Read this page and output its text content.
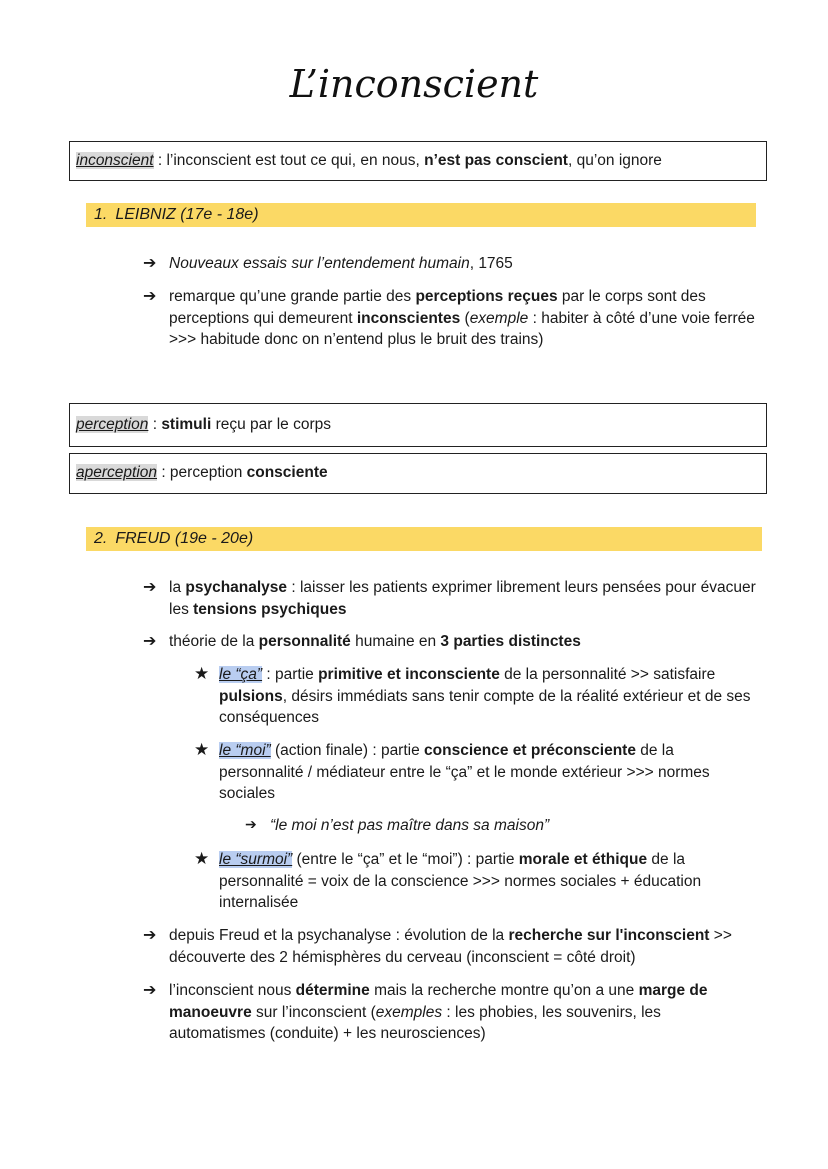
L’inconscient
inconscient : l’inconscient est tout ce qui, en nous, n’est pas conscient, qu’on ignore
1. LEIBNIZ (17e - 18e)
➔ Nouveaux essais sur l’entendement humain, 1765
➔ remarque qu’une grande partie des perceptions reçues par le corps sont des
perceptions qui demeurent inconscientes (exemple : habiter à côté d’une voie ferrée
>>> habitude donc on n’entend plus le bruit des trains)
perception : stimuli reçu par le corps
aperception : perception consciente
2. FREUD (19e - 20e)
➔ la psychanalyse : laisser les patients exprimer librement leurs pensées pour évacuer
les tensions psychiques
➔ théorie de la personnalité humaine en 3 parties distinctes
★ le “ça” : partie primitive et inconsciente de la personnalité >> satisfaire
pulsions, désirs immédiats sans tenir compte de la réalité extérieur et de ses
conséquences
★ le “moi” (action finale) : partie conscience et préconsciente de la
personnalité / médiateur entre le “ça” et le monde extérieur >>> normes
sociales
➔ “le moi n’est pas maître dans sa maison”
★ le “surmoi” (entre le “ça” et le “moi”) : partie morale et éthique de la
personnalité = voix de la conscience >>> normes sociales + éducation
internalisée
➔ depuis Freud et la psychanalyse : évolution de la recherche sur l'inconscient >>
découverte des 2 hémisphères du cerveau (inconscient = côté droit)
➔ l’inconscient nous détermine mais la recherche montre qu’on a une marge de
manoeuvre sur l’inconscient (exemples : les phobies, les souvenirs, les
automatismes (conduite) + les neurosciences)
